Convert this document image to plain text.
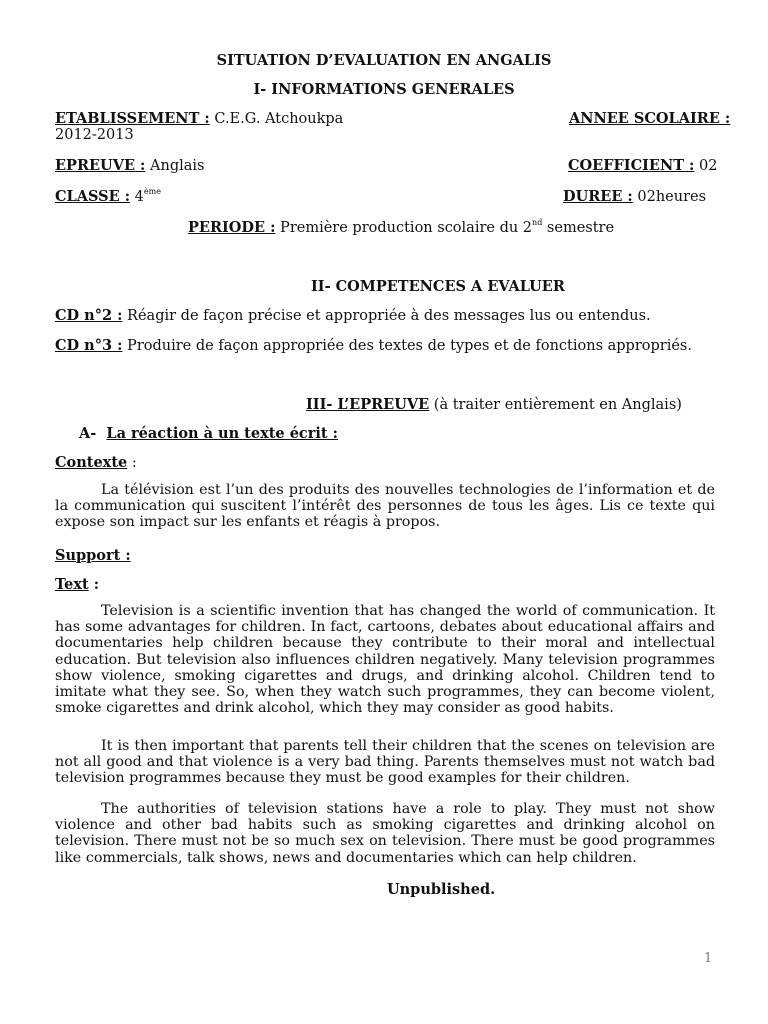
SITUATION D’EVALUATION EN ANGALIS
I- INFORMATIONS GENERALES
ETABLISSEMENT : C.E.G. Atchoukpa	ANNEE SCOLAIRE :
2012-2013
EPREUVE : Anglais	COEFFICIENT : 02
CLASSE : 4ème	DUREE : 02heures
PERIODE : Première production scolaire du 2nd semestre
II- COMPETENCES A EVALUER
CD n°2 : Réagir de façon précise et appropriée à des messages lus ou entendus.
CD n°3 : Produire de façon appropriée des textes de types et de fonctions appropriés.
III- L’EPREUVE (à traiter entièrement en Anglais)
A- La réaction à un texte écrit :
Contexte :
La télévision est l’un des produits des nouvelles technologies de l’information et de la communication qui suscitent l’intérêt des personnes de tous les âges. Lis ce texte qui expose son impact sur les enfants et réagis à propos.
Support :
Text :
Television is a scientific invention that has changed the world of communication. It has some advantages for children. In fact, cartoons, debates about educational affairs and documentaries help children because they contribute to their moral and intellectual education. But television also influences children negatively. Many television programmes show violence, smoking cigarettes and drugs, and drinking alcohol. Children tend to imitate what they see. So, when they watch such programmes, they can become violent, smoke cigarettes and drink alcohol, which they may consider as good habits.
It is then important that parents tell their children that the scenes on television are not all good and that violence is a very bad thing. Parents themselves must not watch bad television programmes because they must be good examples for their children.
The authorities of television stations have a role to play. They must not show violence and other bad habits such as smoking cigarettes and drinking alcohol on television. There must not be so much sex on television. There must be good programmes like commercials, talk shows, news and documentaries which can help children.
Unpublished.
1
